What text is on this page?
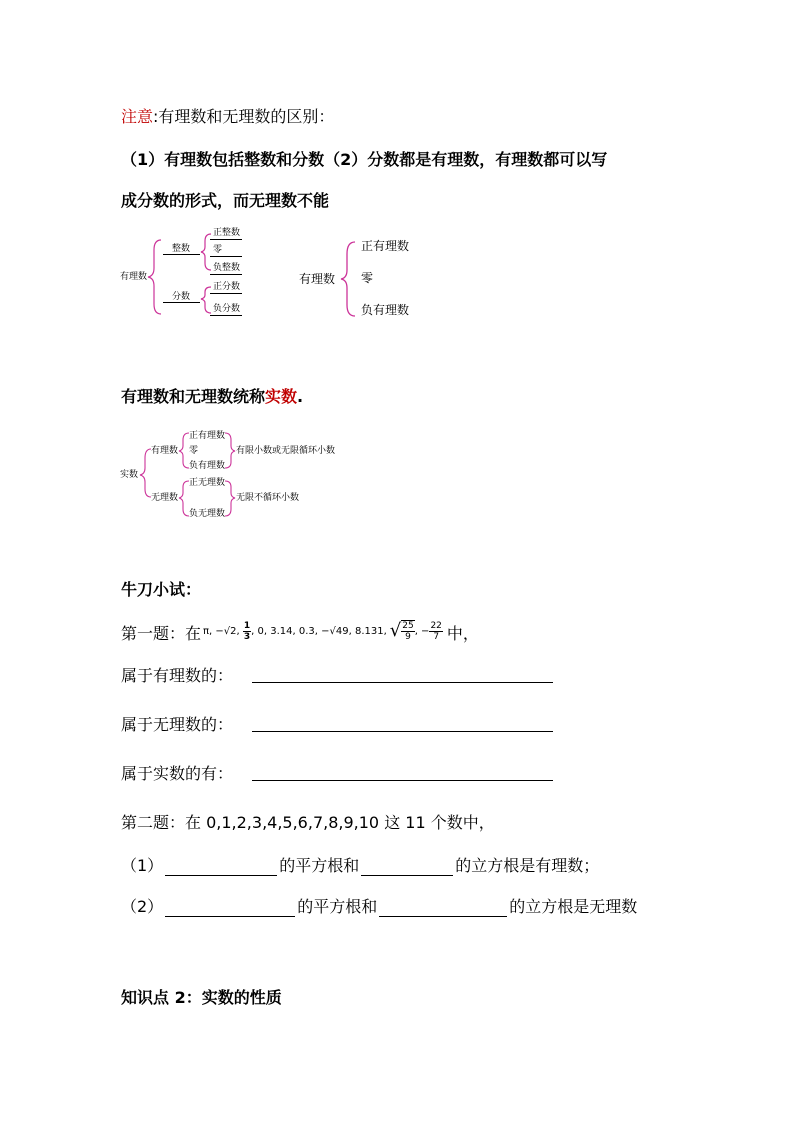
注意:有理数和无理数的区别：
（1）有理数包括整数和分数（2）分数都是有理数，有理数都可以写
成分数的形式，而无理数不能
有理数
整数
分数
正整数
零
负整数
正分数
负分数
有理数
正有理数
零
负有理数
有理数和无理数统称实数.
实数
有理数
无理数
正有理数
零
负有理数
正无理数
负无理数
有限小数或无限循环小数
无限不循环小数
牛刀小试：
第一题：在 π , −√2 , $\frac{1}{3}$ , 0, 3.14, 0.3, −√49, 8.131, √ $\frac{25}{9}$ , − $\frac{22}{7}$ 中，
属于有理数的：
属于无理数的：
属于实数的有：
第二题：在 0,1,2,3,4,5,6,7,8,9,10 这 11 个数中，
（1）	的平方根和	的立方根是有理数；
（2）	的平方根和	的立方根是无理数
知识点 2：实数的性质
